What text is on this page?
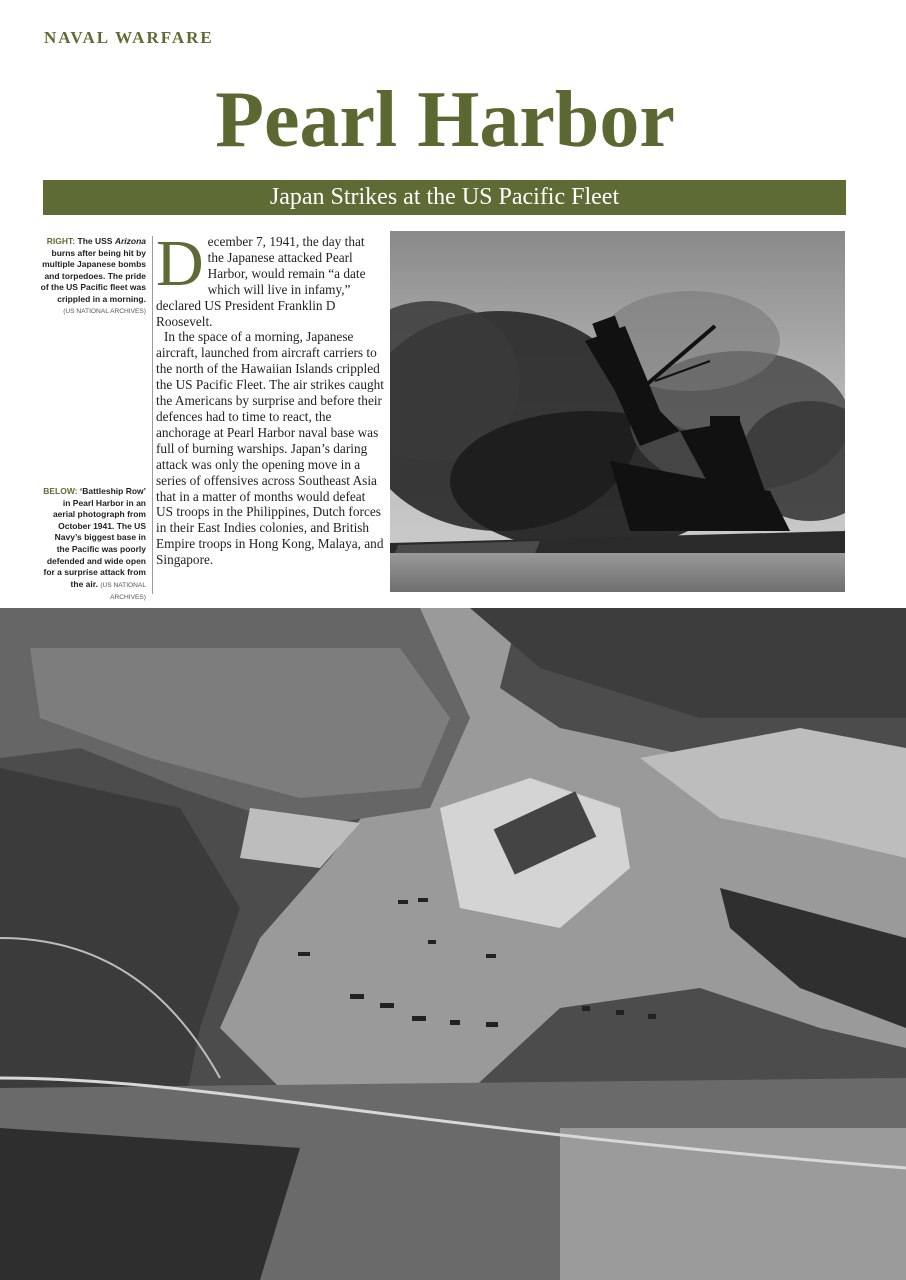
NAVAL WARFARE
Pearl Harbor
Japan Strikes at the US Pacific Fleet
RIGHT: The USS Arizona burns after being hit by multiple Japanese bombs and torpedoes. The pride of the US Pacific fleet was crippled in a morning.
(US NATIONAL ARCHIVES)
BELOW: ‘Battleship Row’ in Pearl Harbor in an aerial photograph from October 1941. The US Navy’s biggest base in the Pacific was poorly defended and wide open for a surprise attack from the air. (US NATIONAL ARCHIVES)

December 7, 1941, the day that the Japanese attacked Pearl Harbor, would remain “a date which will live in infamy,” declared US President Franklin D Roosevelt.

In the space of a morning, Japanese aircraft, launched from aircraft carriers to the north of the Hawaiian Islands crippled the US Pacific Fleet. The air strikes caught the Americans by surprise and before their defences had to time to react, the anchorage at Pearl Harbor naval base was full of burning warships. Japan’s daring attack was only the opening move in a series of offensives across Southeast Asia that in a matter of months would defeat US troops in the Philippines, Dutch forces in their East Indies colonies, and British Empire troops in Hong Kong, Malaya, and Singapore.
